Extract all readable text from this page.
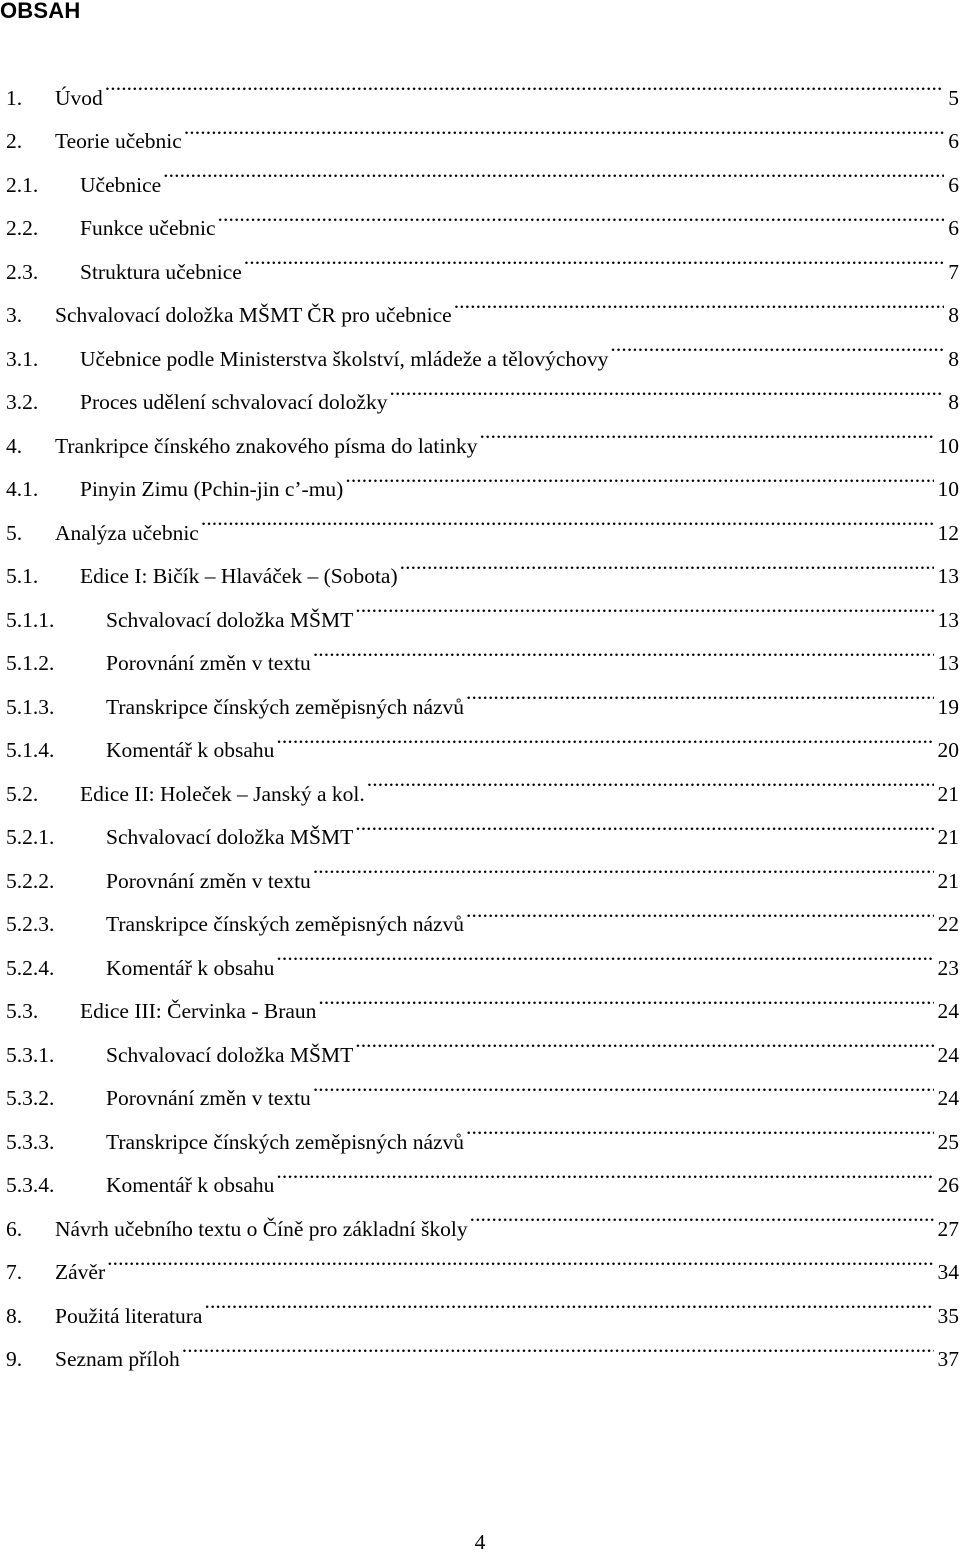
OBSAH
1.	Úvod .....	5
2.	Teorie učebnic .....	6
2.1.	Učebnice .....	6
2.2.	Funkce učebnic .....	6
2.3.	Struktura učebnice .....	7
3.	Schvalovací doložka MŠMT ČR pro učebnice .....	8
3.1.	Učebnice podle Ministerstva školství, mládeže a tělovýchovy .....	8
3.2.	Proces udělení schvalovací doložky .....	8
4.	Trankripce čínského znakového písma do latinky .....	10
4.1.	Pinyin Zimu (Pchin-jin c’-mu) .....	10
5.	Analýza učebnic .....	12
5.1.	Edice I: Bičík – Hlaváček – (Sobota) .....	13
5.1.1.	Schvalovací doložka MŠMT .....	13
5.1.2.	Porovnání změn v textu .....	13
5.1.3.	Transkripce čínských zeměpisných názvů .....	19
5.1.4.	Komentář k obsahu .....	20
5.2.	Edice II: Holeček – Janský a kol. .....	21
5.2.1.	Schvalovací doložka MŠMT .....	21
5.2.2.	Porovnání změn v textu .....	21
5.2.3.	Transkripce čínských zeměpisných názvů .....	22
5.2.4.	Komentář k obsahu .....	23
5.3.	Edice III: Červinka - Braun .....	24
5.3.1.	Schvalovací doložka MŠMT .....	24
5.3.2.	Porovnání změn v textu .....	24
5.3.3.	Transkripce čínských zeměpisných názvů .....	25
5.3.4.	Komentář k obsahu .....	26
6.	Návrh učebního textu o Číně pro základní školy .....	27
7.	Závěr .....	34
8.	Použitá literatura .....	35
9.	Seznam příloh .....	37
4
